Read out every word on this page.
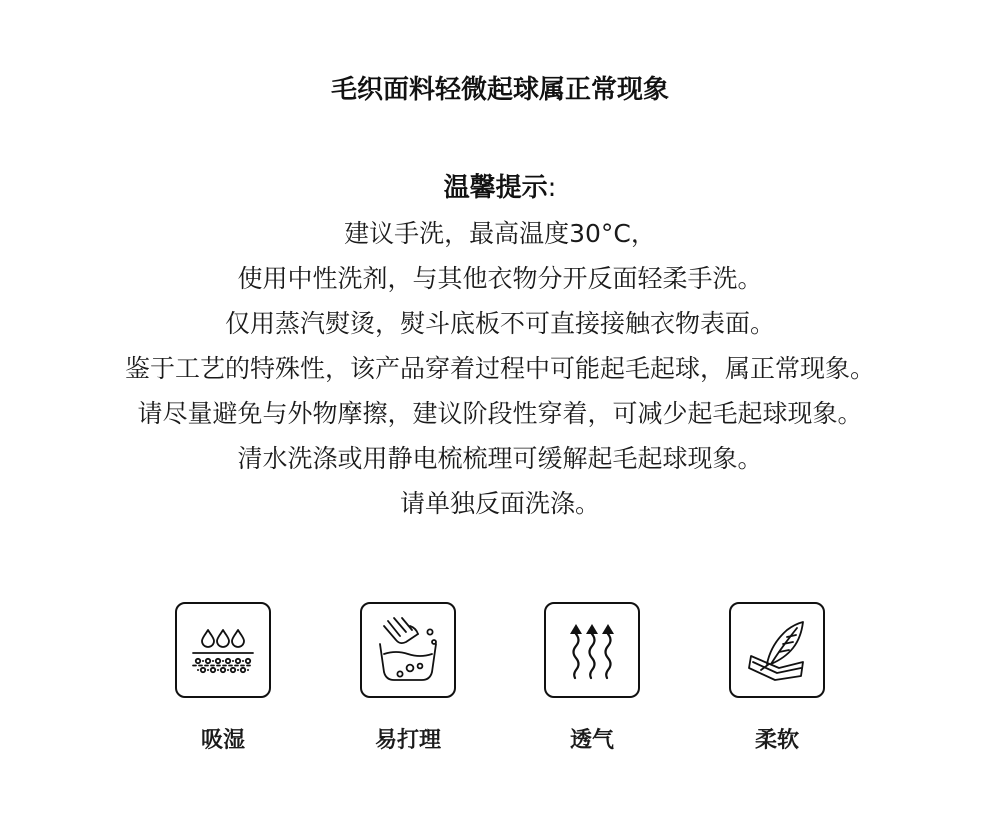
毛织面料轻微起球属正常现象
温馨提示:
建议手洗，最高温度30°C，
使用中性洗剂，与其他衣物分开反面轻柔手洗。
仅用蒸汽熨烫，熨斗底板不可直接接触衣物表面。
鉴于工艺的特殊性，该产品穿着过程中可能起毛起球，属正常现象。
请尽量避免与外物摩擦，建议阶段性穿着，可减少起毛起球现象。
清水洗涤或用静电梳梳理可缓解起毛起球现象。
请单独反面洗涤。
吸湿	易打理	透气	柔软
